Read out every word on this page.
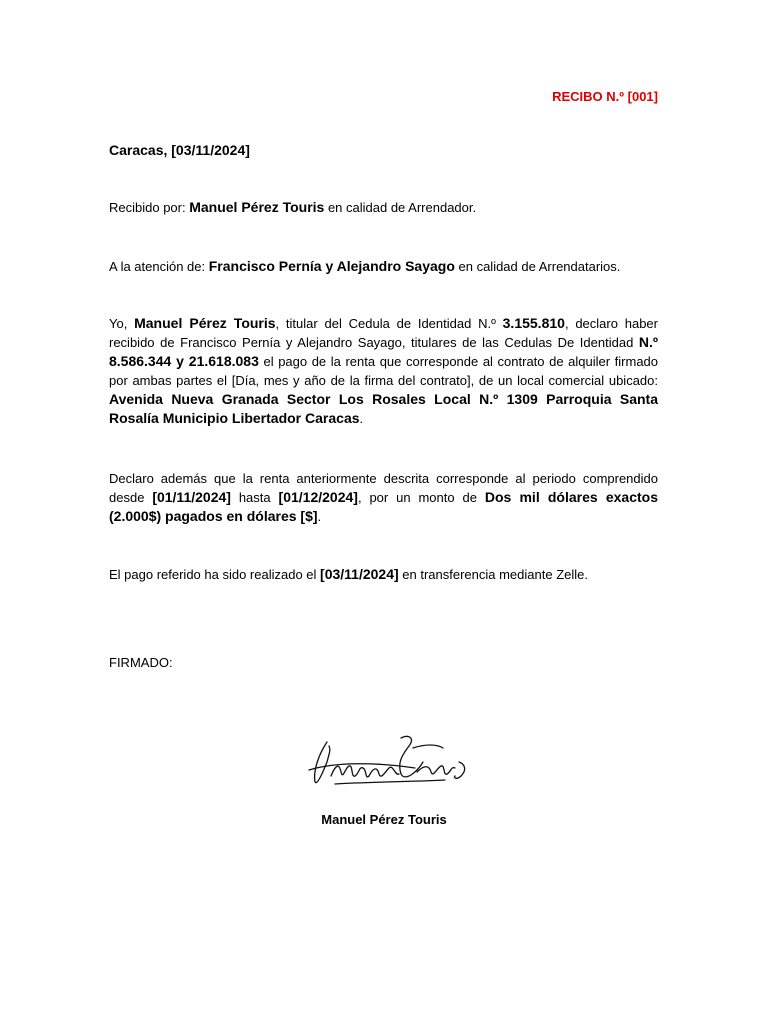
RECIBO N.º [001]
Caracas, [03/11/2024]
Recibido por: Manuel Pérez Touris en calidad de Arrendador.
A la atención de: Francisco Pernía y Alejandro Sayago en calidad de Arrendatarios.
Yo, Manuel Pérez Touris, titular del Cedula de Identidad N.º 3.155.810, declaro haber recibido de Francisco Pernía y Alejandro Sayago, titulares de las Cedulas De Identidad N.º 8.586.344 y 21.618.083 el pago de la renta que corresponde al contrato de alquiler firmado por ambas partes el [Día, mes y año de la firma del contrato], de un local comercial ubicado: Avenida Nueva Granada Sector Los Rosales Local N.º 1309 Parroquia Santa Rosalía Municipio Libertador Caracas.
Declaro además que la renta anteriormente descrita corresponde al periodo comprendido desde [01/11/2024] hasta [01/12/2024], por un monto de Dos mil dólares exactos (2.000$) pagados en dólares [$].
El pago referido ha sido realizado el [03/11/2024] en transferencia mediante Zelle.
FIRMADO:
Manuel Pérez Touris
